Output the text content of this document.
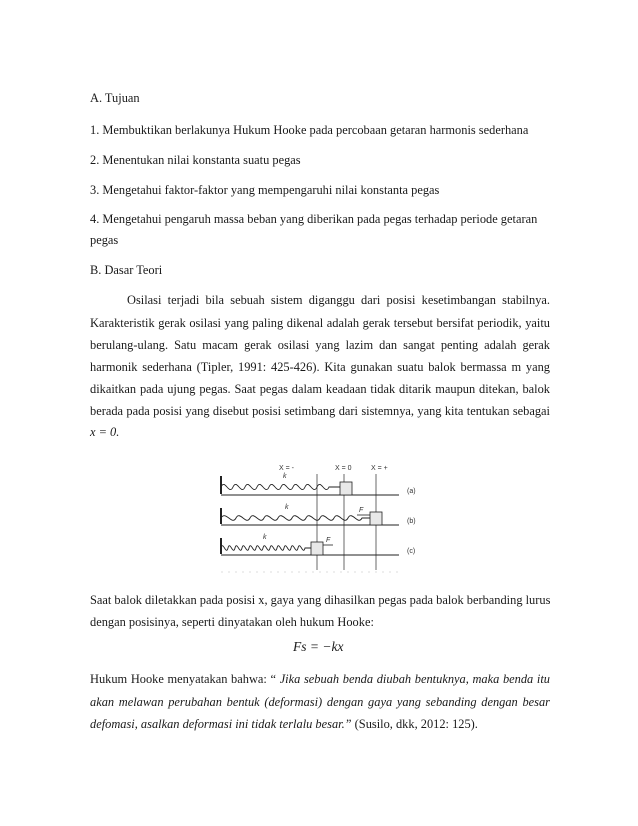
A. Tujuan
1. Membuktikan berlakunya Hukum Hooke pada percobaan getaran harmonis sederhana
2. Menentukan nilai konstanta suatu pegas
3. Mengetahui faktor-faktor yang mempengaruhi nilai konstanta pegas
4. Mengetahui pengaruh massa beban yang diberikan pada pegas terhadap periode getaran
pegas
B. Dasar Teori
Osilasi terjadi bila sebuah sistem diganggu dari posisi kesetimbangan stabilnya.
Karakteristik gerak osilasi yang paling dikenal adalah gerak tersebut bersifat periodik, yaitu
berulang-ulang. Satu macam gerak osilasi yang lazim dan sangat penting adalah gerak
harmonik sederhana (Tipler, 1991: 425-426). Kita gunakan suatu balok bermassa m yang
dikaitkan pada ujung pegas. Saat pegas dalam keadaan tidak ditarik maupun ditekan, balok
berada pada posisi yang disebut posisi setimbang dari sistemnya, yang kita tentukan sebagai
x = 0.
X = -	X = 0	X = +
k
(a)
k	F
(b)
k	F
(c)
Saat balok diletakkan pada posisi x, gaya yang dihasilkan pegas pada balok berbanding lurus
dengan posisinya, seperti dinyatakan oleh hukum Hooke:
Fs = −kx
Hukum Hooke menyatakan bahwa: “ Jika sebuah benda diubah bentuknya, maka benda itu
akan melawan perubahan bentuk (deformasi) dengan gaya yang sebanding dengan besar
defomasi, asalkan deformasi ini tidak terlalu besar.” (Susilo, dkk, 2012: 125).
